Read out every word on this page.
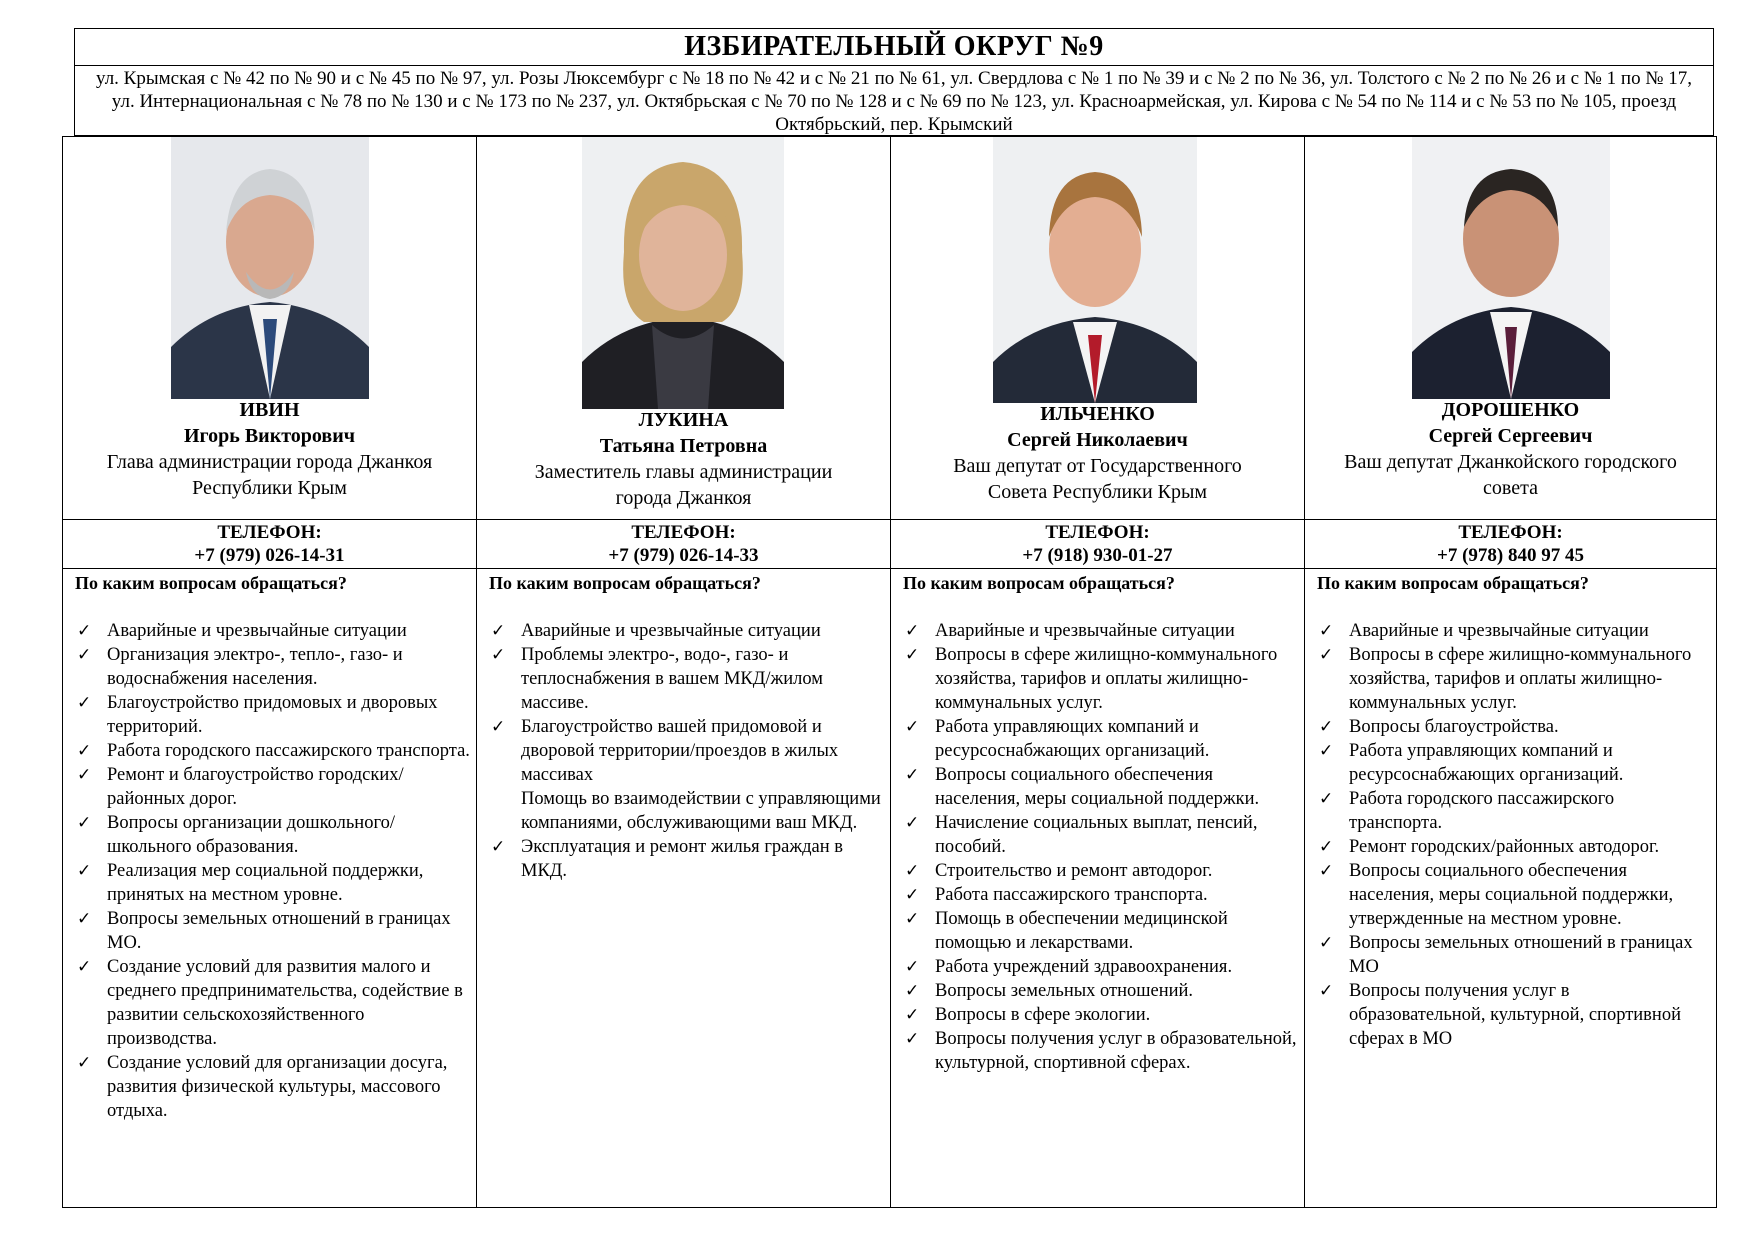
ИЗБИРАТЕЛЬНЫЙ ОКРУГ №9
ул. Крымская с № 42 по № 90 и с № 45 по № 97, ул. Розы Люксембург с № 18 по № 42 и с № 21 по № 61, ул. Свердлова с № 1 по № 39 и с № 2 по № 36, ул. Толстого с № 2 по № 26 и с № 1 по № 17, ул. Интернациональная с № 78 по № 130 и с № 173 по № 237, ул. Октябрьская с № 70 по № 128 и с № 69 по № 123, ул. Красноармейская, ул. Кирова с № 54 по № 114 и с № 53 по № 105, проезд Октябрьский, пер. Крымский
ИВИН
Игорь Викторович
Глава администрации города Джанкоя Республики Крым
ТЕЛЕФОН:
+7 (979) 026-14-31
По каким вопросам обращаться?
✓ Аварийные и чрезвычайные ситуации
✓ Организация электро-, тепло-, газо- и водоснабжения населения.
✓ Благоустройство придомовых и дворовых территорий.
✓ Работа городского пассажирского транспорта.
✓ Ремонт и благоустройство городских/районных дорог.
✓ Вопросы организации дошкольного/школьного образования.
✓ Реализация мер социальной поддержки, принятых на местном уровне.
✓ Вопросы земельных отношений в границах МО.
✓ Создание условий для развития малого и среднего предпринимательства, содействие в развитии сельскохозяйственного производства.
✓ Создание условий для организации досуга, развития физической культуры, массового отдыха.
ЛУКИНА
Татьяна Петровна
Заместитель главы администрации города Джанкоя
ТЕЛЕФОН:
+7 (979) 026-14-33
По каким вопросам обращаться?
✓ Аварийные и чрезвычайные ситуации
✓ Проблемы электро-, водо-, газо- и теплоснабжения в вашем МКД/жилом массиве.
✓ Благоустройство вашей придомовой и дворовой территории/проездов в жилых массивах
Помощь во взаимодействии с управляющими компаниями, обслуживающими ваш МКД.
✓ Эксплуатация и ремонт жилья граждан в МКД.
ИЛЬЧЕНКО
Сергей Николаевич
Ваш депутат от Государственного Совета Республики Крым
ТЕЛЕФОН:
+7 (918) 930-01-27
По каким вопросам обращаться?
✓ Аварийные и чрезвычайные ситуации
✓ Вопросы в сфере жилищно-коммунального хозяйства, тарифов и оплаты жилищно-коммунальных услуг.
✓ Работа управляющих компаний и ресурсоснабжающих организаций.
✓ Вопросы социального обеспечения населения, меры социальной поддержки.
✓ Начисление социальных выплат, пенсий, пособий.
✓ Строительство и ремонт автодорог.
✓ Работа пассажирского транспорта.
✓ Помощь в обеспечении медицинской помощью и лекарствами.
✓ Работа учреждений здравоохранения.
✓ Вопросы земельных отношений.
✓ Вопросы в сфере экологии.
✓ Вопросы получения услуг в образовательной, культурной, спортивной сферах.
ДОРОШЕНКО
Сергей Сергеевич
Ваш депутат Джанкойского городского совета
ТЕЛЕФОН:
+7 (978) 840 97 45
По каким вопросам обращаться?
✓ Аварийные и чрезвычайные ситуации
✓ Вопросы в сфере жилищно-коммунального хозяйства, тарифов и оплаты жилищно-коммунальных услуг.
✓ Вопросы благоустройства.
✓ Работа управляющих компаний и ресурсоснабжающих организаций.
✓ Работа городского пассажирского транспорта.
✓ Ремонт городских/районных автодорог.
✓ Вопросы социального обеспечения населения, меры социальной поддержки, утвержденные на местном уровне.
✓ Вопросы земельных отношений в границах МО
✓ Вопросы получения услуг в образовательной, культурной, спортивной сферах в МО
